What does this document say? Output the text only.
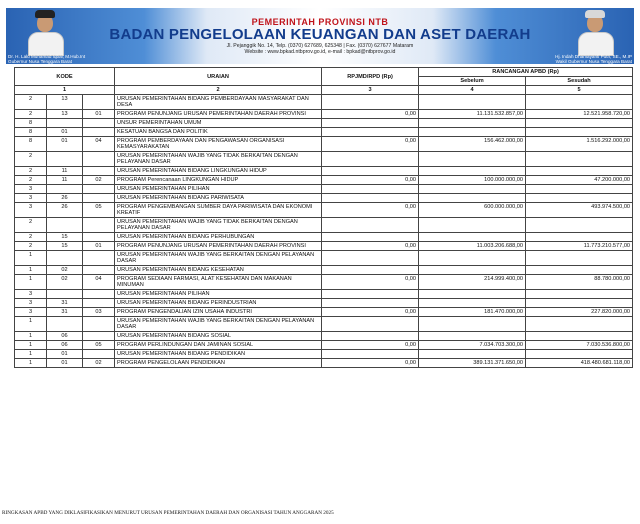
Dr. H. Lalu Muhamad Iqbal, M.Hub.Int
Gubernur Nusa Tenggara Barat
PEMERINTAH PROVINSI NTB
BADAN PENGELOLAAN KEUANGAN DAN ASET DAERAH
Jl. Pejanggik No. 14, Telp. (0370) 627689, 625348 | Fax. (0370) 627677 Mataram
Website : www.bpkad.ntbprov.go.id, e-mail : bpkad@ntbprov.go.id
Hj. Indah Dhamayanti Putri, SE., M.IP
Wakil Gubernur Nusa Tenggara Barat
KODE			URAIAN	RPJMD/RPD (Rp)	RANCANGAN APBD (Rp)	
					Sebelum	Sesudah
1			2	3	4	5
2	13		URUSAN PEMERINTAHAN BIDANG PEMBERDAYAAN MASYARAKAT DAN DESA			
2	13	01	PROGRAM PENUNJANG URUSAN PEMERINTAHAN DAERAH PROVINSI	0,00	11.131.532.857,00	12.521.958.720,00
8			UNSUR PEMERINTAHAN UMUM			
8	01		KESATUAN BANGSA DAN POLITIK			
8	01	04	PROGRAM PEMBERDAYAAN DAN PENGAWASAN ORGANISASI KEMASYARAKATAN	0,00	156.462.000,00	1.516.292.000,00
2			URUSAN PEMERINTAHAN WAJIB YANG TIDAK BERKAITAN DENGAN PELAYANAN DASAR			
2	11		URUSAN PEMERINTAHAN BIDANG LINGKUNGAN HIDUP			
2	11	02	PROGRAM Perencanaan LINGKUNGAN HIDUP	0,00	100.000.000,00	47.200.000,00
3			URUSAN PEMERINTAHAN PILIHAN			
3	26		URUSAN PEMERINTAHAN BIDANG PARIWISATA			
3	26	05	PROGRAM PENGEMBANGAN SUMBER DAYA PARIWISATA DAN EKONOMI KREATIF	0,00	600.000.000,00	493.974.500,00
2			URUSAN PEMERINTAHAN WAJIB YANG TIDAK BERKAITAN DENGAN PELAYANAN DASAR			
2	15		URUSAN PEMERINTAHAN BIDANG PERHUBUNGAN			
2	15	01	PROGRAM PENUNJANG URUSAN PEMERINTAHAN DAERAH PROVINSI	0,00	11.003.206.688,00	11.773.210.577,00
1			URUSAN PEMERINTAHAN WAJIB YANG BERKAITAN DENGAN PELAYANAN DASAR			
1	02		URUSAN PEMERINTAHAN BIDANG KESEHATAN			
1	02	04	PROGRAM SEDIAAN FARMASI, ALAT KESEHATAN DAN MAKANAN MINUMAN	0,00	214.999.400,00	88.780.000,00
3			URUSAN PEMERINTAHAN PILIHAN			
3	31		URUSAN PEMERINTAHAN BIDANG PERINDUSTRIAN			
3	31	03	PROGRAM PENGENDALIAN IZIN USAHA INDUSTRI	0,00	181.470.000,00	227.820.000,00
1			URUSAN PEMERINTAHAN WAJIB YANG BERKAITAN DENGAN PELAYANAN DASAR			
1	06		URUSAN PEMERINTAHAN BIDANG SOSIAL			
1	06	05	PROGRAM PERLINDUNGAN DAN JAMINAN SOSIAL	0,00	7.034.703.300,00	7.030.536.800,00
1	01		URUSAN PEMERINTAHAN BIDANG PENDIDIKAN			
1	01	02	PROGRAM PENGELOLAAN PENDIDIKAN	0,00	389.131.371.650,00	418.480.681.118,00
RINGKASAN APBD YANG DIKLASIFIKASIKAN MENURUT URUSAN PEMERINTAHAN DAERAH DAN ORGANISASI TAHUN ANGGARAN 2025
